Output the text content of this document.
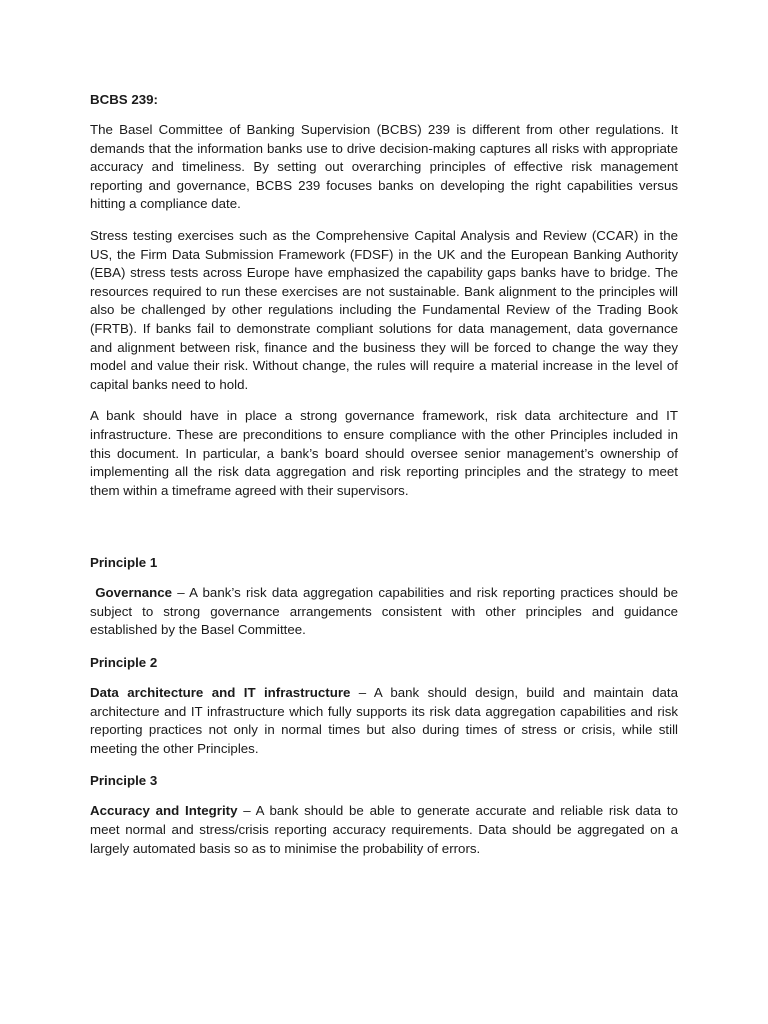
BCBS 239:

The Basel Committee of Banking Supervision (BCBS) 239 is different from other regulations. It demands that the information banks use to drive decision-making captures all risks with appropriate accuracy and timeliness. By setting out overarching principles of effective risk management reporting and governance, BCBS 239 focuses banks on developing the right capabilities versus hitting a compliance date.

Stress testing exercises such as the Comprehensive Capital Analysis and Review (CCAR) in the US, the Firm Data Submission Framework (FDSF) in the UK and the European Banking Authority (EBA) stress tests across Europe have emphasized the capability gaps banks have to bridge. The resources required to run these exercises are not sustainable. Bank alignment to the principles will also be challenged by other regulations including the Fundamental Review of the Trading Book (FRTB). If banks fail to demonstrate compliant solutions for data management, data governance and alignment between risk, finance and the business they will be forced to change the way they model and value their risk. Without change, the rules will require a material increase in the level of capital banks need to hold.

A bank should have in place a strong governance framework, risk data architecture and IT infrastructure. These are preconditions to ensure compliance with the other Principles included in this document. In particular, a bank’s board should oversee senior management’s ownership of implementing all the risk data aggregation and risk reporting principles and the strategy to meet them within a timeframe agreed with their supervisors.

Principle 1

Governance – A bank’s risk data aggregation capabilities and risk reporting practices should be subject to strong governance arrangements consistent with other principles and guidance established by the Basel Committee.

Principle 2

Data architecture and IT infrastructure – A bank should design, build and maintain data architecture and IT infrastructure which fully supports its risk data aggregation capabilities and risk reporting practices not only in normal times but also during times of stress or crisis, while still meeting the other Principles.

Principle 3

Accuracy and Integrity – A bank should be able to generate accurate and reliable risk data to meet normal and stress/crisis reporting accuracy requirements. Data should be aggregated on a largely automated basis so as to minimise the probability of errors.
